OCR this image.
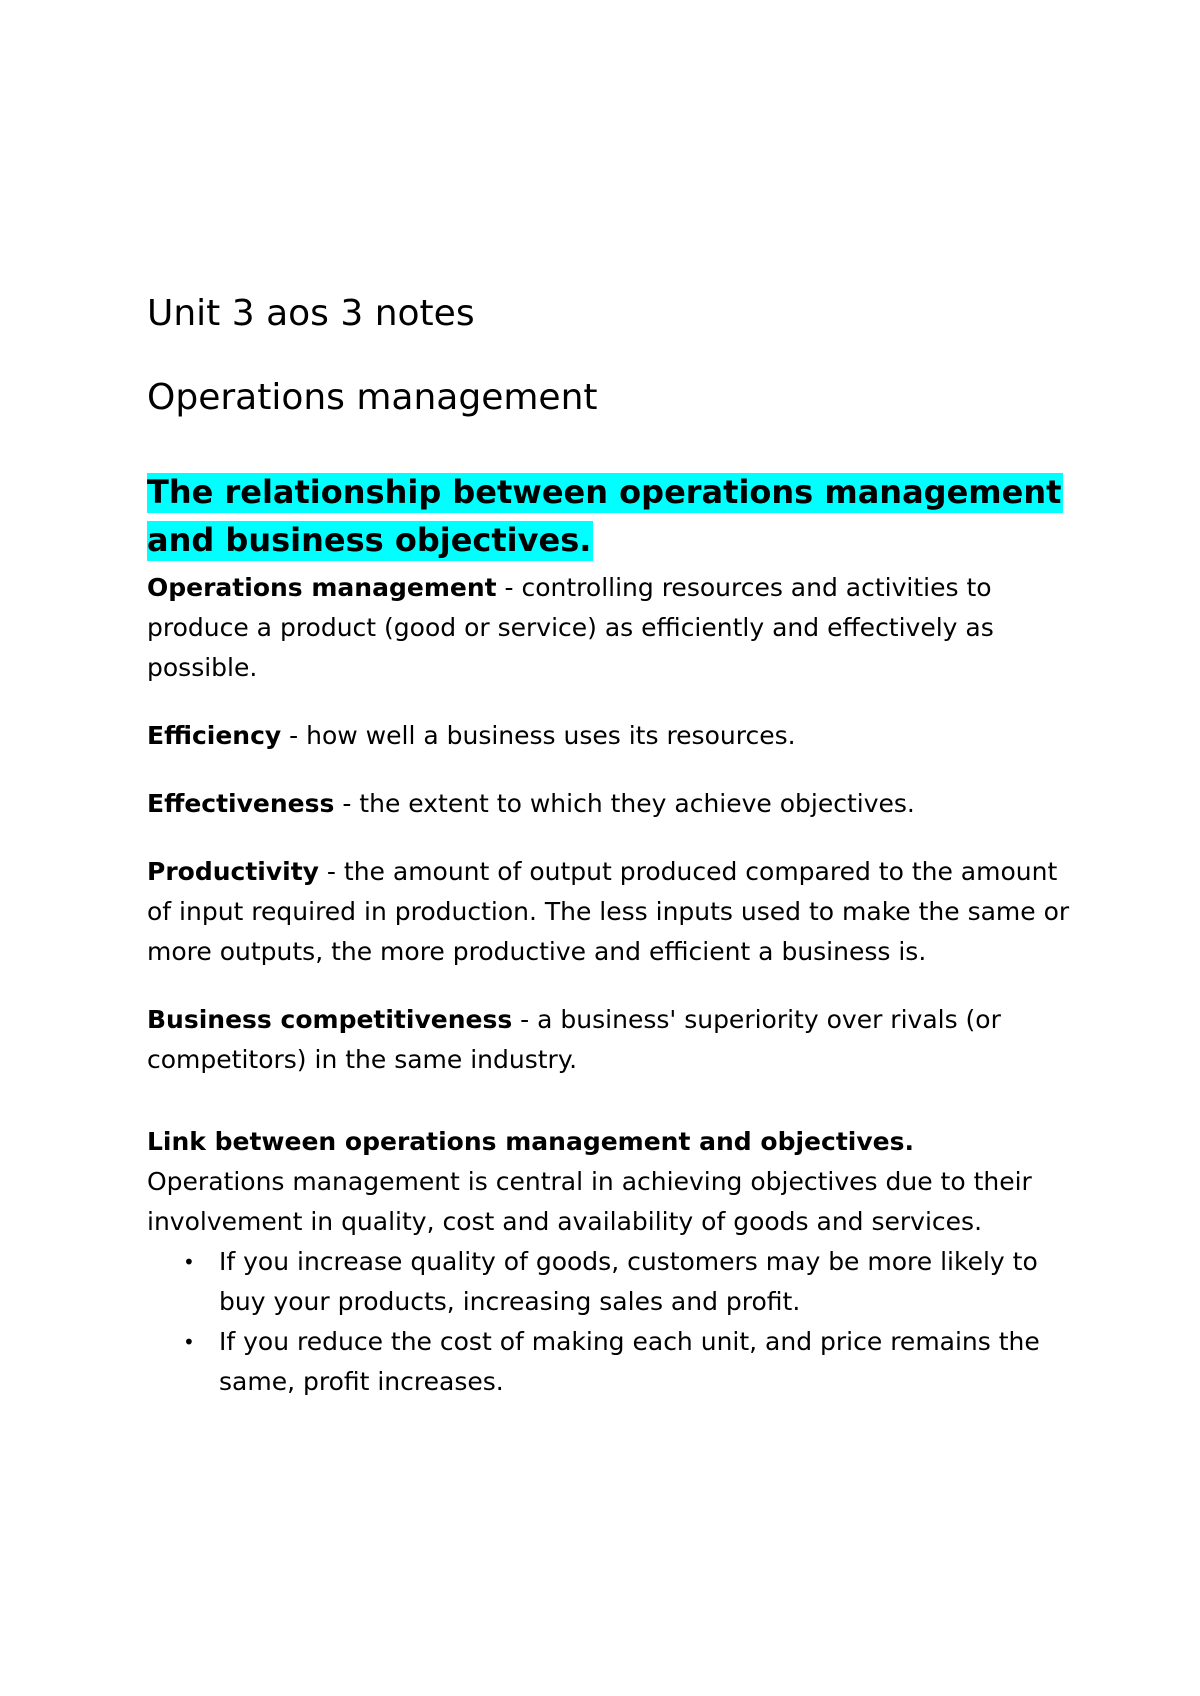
Unit 3 aos 3 notes
Operations management
The relationship between operations management and business objectives.

Operations management - controlling resources and activities to produce a product (good or service) as efficiently and effectively as possible.

Efficiency - how well a business uses its resources.

Effectiveness - the extent to which they achieve objectives.

Productivity - the amount of output produced compared to the amount of input required in production. The less inputs used to make the same or more outputs, the more productive and efficient a business is.

Business competitiveness - a business' superiority over rivals (or competitors) in the same industry.

Link between operations management and objectives.

Operations management is central in achieving objectives due to their involvement in quality, cost and availability of goods and services.

• If you increase quality of goods, customers may be more likely to buy your products, increasing sales and profit.
• If you reduce the cost of making each unit, and price remains the same, profit increases.
